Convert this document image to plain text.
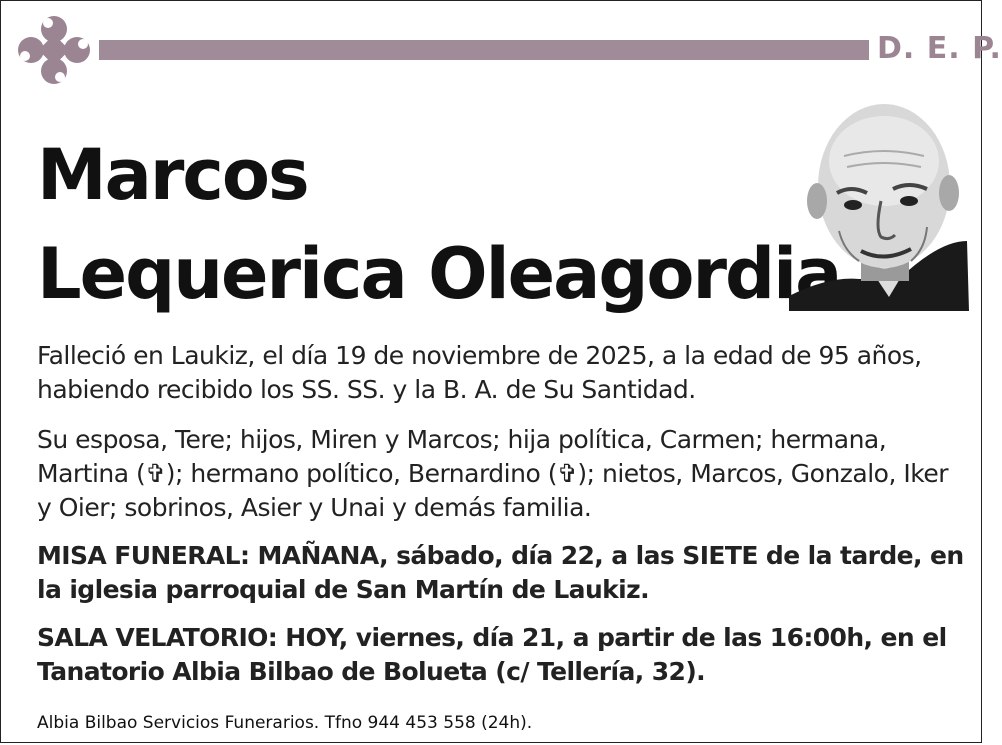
D. E. P.
Marcos
Lequerica Oleagordia

Falleció en Laukiz, el día 19 de noviembre de 2025, a la edad de 95 años, habiendo recibido los SS. SS. y la B. A. de Su Santidad.

Su esposa, Tere; hijos, Miren y Marcos; hija política, Carmen; hermana, Martina (✞); hermano político, Bernardino (✞); nietos, Marcos, Gonzalo, Iker y Oier; sobrinos, Asier y Unai y demás familia.

MISA FUNERAL: MAÑANA, sábado, día 22, a las SIETE de la tarde, en la iglesia parroquial de San Martín de Laukiz.

SALA VELATORIO: HOY, viernes, día 21, a partir de las 16:00h, en el Tanatorio Albia Bilbao de Bolueta (c/ Tellería, 32).

Albia Bilbao Servicios Funerarios. Tfno 944 453 558 (24h).
